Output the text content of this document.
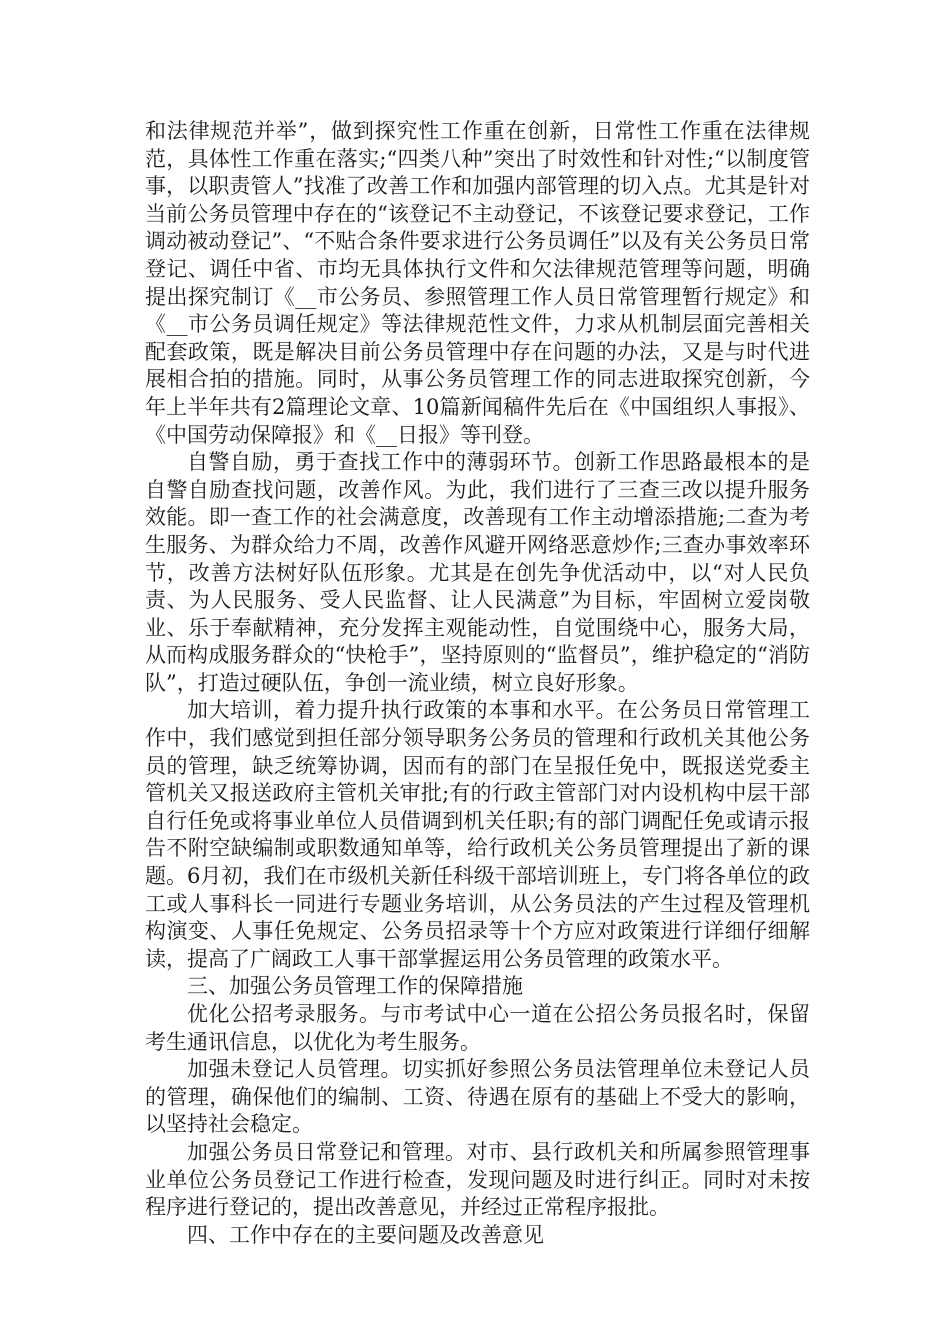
和法律规范并举”，做到探究性工作重在创新，日常性工作重在法律规范，具体性工作重在落实;“四类八种”突出了时效性和针对性;“以制度管事，以职责管人”找准了改善工作和加强内部管理的切入点。尤其是针对当前公务员管理中存在的“该登记不主动登记，不该登记要求登记，工作调动被动登记”、“不贴合条件要求进行公务员调任”以及有关公务员日常登记、调任中省、市均无具体执行文件和欠法律规范管理等问题，明确提出探究制订《__市公务员、参照管理工作人员日常管理暂行规定》和《__市公务员调任规定》等法律规范性文件，力求从机制层面完善相关配套政策，既是解决目前公务员管理中存在问题的办法，又是与时代进展相合拍的措施。同时，从事公务员管理工作的同志进取探究创新，今年上半年共有2篇理论文章、10篇新闻稿件先后在《中国组织人事报》、《中国劳动保障报》和《__日报》等刊登。

自警自励，勇于查找工作中的薄弱环节。创新工作思路最根本的是自警自励查找问题，改善作风。为此，我们进行了三查三改以提升服务效能。即一查工作的社会满意度，改善现有工作主动增添措施;二查为考生服务、为群众给力不周，改善作风避开网络恶意炒作;三查办事效率环节，改善方法树好队伍形象。尤其是在创先争优活动中，以“对人民负责、为人民服务、受人民监督、让人民满意”为目标，牢固树立爱岗敬业、乐于奉献精神，充分发挥主观能动性，自觉围绕中心，服务大局，从而构成服务群众的“快枪手”，坚持原则的“监督员”，维护稳定的“消防队”，打造过硬队伍，争创一流业绩，树立良好形象。

加大培训，着力提升执行政策的本事和水平。在公务员日常管理工作中，我们感觉到担任部分领导职务公务员的管理和行政机关其他公务员的管理，缺乏统筹协调，因而有的部门在呈报任免中，既报送党委主管机关又报送政府主管机关审批;有的行政主管部门对内设机构中层干部自行任免或将事业单位人员借调到机关任职;有的部门调配任免或请示报告不附空缺编制或职数通知单等，给行政机关公务员管理提出了新的课题。6月初，我们在市级机关新任科级干部培训班上，专门将各单位的政工或人事科长一同进行专题业务培训，从公务员法的产生过程及管理机构演变、人事任免规定、公务员招录等十个方应对政策进行详细仔细解读，提高了广阔政工人事干部掌握运用公务员管理的政策水平。

三、加强公务员管理工作的保障措施

优化公招考录服务。与市考试中心一道在公招公务员报名时，保留考生通讯信息，以优化为考生服务。

加强未登记人员管理。切实抓好参照公务员法管理单位未登记人员的管理，确保他们的编制、工资、待遇在原有的基础上不受大的影响，以坚持社会稳定。

加强公务员日常登记和管理。对市、县行政机关和所属参照管理事业单位公务员登记工作进行检查，发现问题及时进行纠正。同时对未按程序进行登记的，提出改善意见，并经过正常程序报批。

四、工作中存在的主要问题及改善意见
